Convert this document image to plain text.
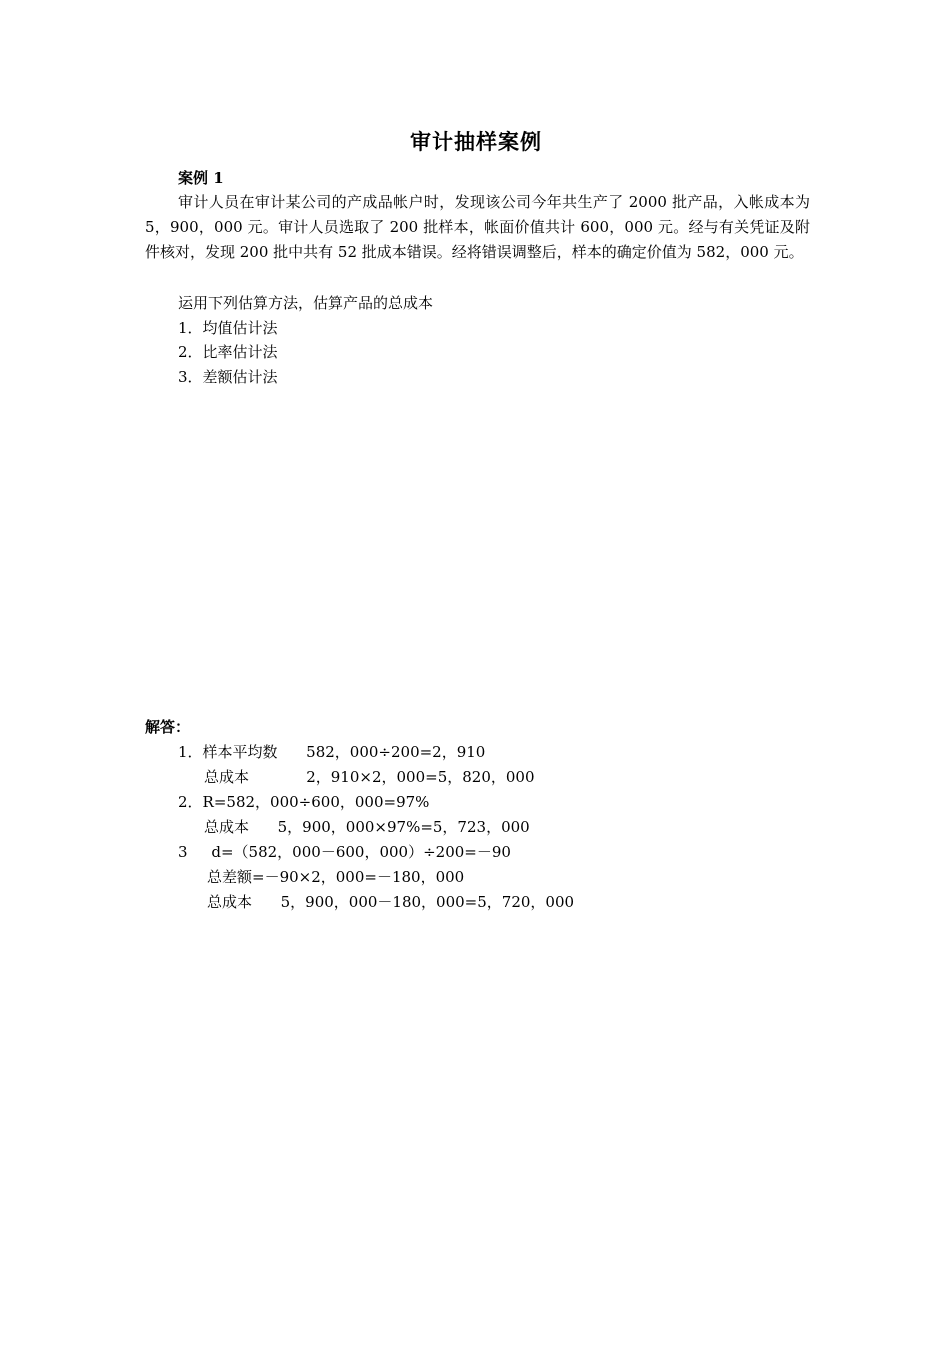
审计抽样案例
案例 1
审计人员在审计某公司的产成品帐户时，发现该公司今年共生产了 2000 批产品，入帐成本为 5，900，000 元。审计人员选取了 200 批样本，帐面价值共计 600，000 元。经与有关凭证及附件核对，发现 200 批中共有 52 批成本错误。经将错误调整后，样本的确定价值为 582，000 元。
运用下列估算方法，估算产品的总成本
1．均值估计法
2．比率估计法
3．差额估计法
解答：
1．样本平均数      582，000÷200=2，910
总成本            2，910×2，000=5，820，000
2．R=582，000÷600，000=97%
总成本      5，900，000×97%=5，723，000
3     d=（582，000－600，000）÷200=－90
总差额=－90×2，000=－180，000
总成本      5，900，000－180，000=5，720，000
